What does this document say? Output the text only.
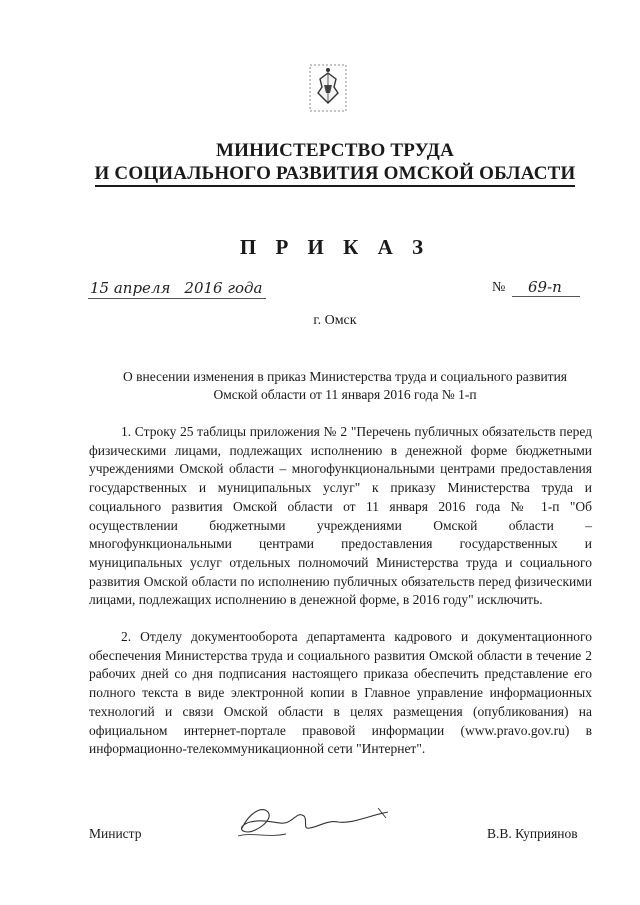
МИНИСТЕРСТВО ТРУДА
И СОЦИАЛЬНОГО РАЗВИТИЯ ОМСКОЙ ОБЛАСТИ
П Р И К А З
15 апреля 2016 года	№	69-п
г. Омск
О внесении изменения в приказ Министерства труда и социального развития Омской области от 11 января 2016 года № 1-п

1. Строку 25 таблицы приложения № 2 "Перечень публичных обязательств перед физическими лицами, подлежащих исполнению в денежной форме бюджетными учреждениями Омской области – многофункциональными центрами предоставления государственных и муниципальных услуг" к приказу Министерства труда и социального развития Омской области от 11 января 2016 года № 1-п "Об осуществлении бюджетными учреждениями Омской области – многофункциональными центрами предоставления государственных и муниципальных услуг отдельных полномочий Министерства труда и социального развития Омской области по исполнению публичных обязательств перед физическими лицами, подлежащих исполнению в денежной форме, в 2016 году" исключить.

2. Отделу документооборота департамента кадрового и документационного обеспечения Министерства труда и социального развития Омской области в течение 2 рабочих дней со дня подписания настоящего приказа обеспечить представление его полного текста в виде электронной копии в Главное управление информационных технологий и связи Омской области в целях размещения (опубликования) на официальном интернет-портале правовой информации (www.pravo.gov.ru) в информационно-телекоммуникационной сети "Интернет".

Министр	В.В. Куприянов
